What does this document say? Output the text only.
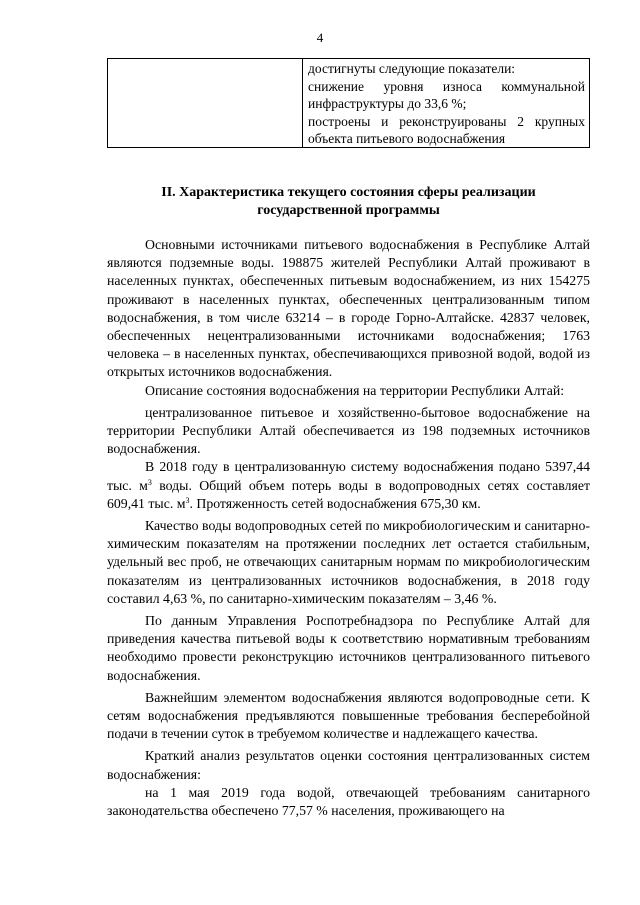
4

достигнуты следующие показатели:

снижение уровня износа коммунальной инфраструктуры до 33,6 %;

построены и реконструированы 2 крупных объекта питьевого водоснабжения

II. Характеристика текущего состояния сферы реализации государственной программы

Основными источниками питьевого водоснабжения в Республике Алтай являются подземные воды. 198875 жителей Республики Алтай проживают в населенных пунктах, обеспеченных питьевым водоснабжением, из них 154275 проживают в населенных пунктах, обеспеченных централизованным типом водоснабжения, в том числе 63214 – в городе Горно-Алтайске. 42837 человек, обеспеченных нецентрализованными источниками водоснабжения; 1763 человека – в населенных пунктах, обеспечивающихся привозной водой, водой из открытых источников водоснабжения.

Описание состояния водоснабжения на территории Республики Алтай:

централизованное питьевое и хозяйственно-бытовое водоснабжение на территории Республики Алтай обеспечивается из 198 подземных источников водоснабжения.

В 2018 году в централизованную систему водоснабжения подано 5397,44 тыс. $м^3$ воды. Общий объем потерь воды в водопроводных сетях составляет 609,41 тыс. $м^3$. Протяженность сетей водоснабжения 675,30 км.

Качество воды водопроводных сетей по микробиологическим и санитарно-химическим показателям на протяжении последних лет остается стабильным, удельный вес проб, не отвечающих санитарным нормам по микробиологическим показателям из централизованных источников водоснабжения, в 2018 году составил 4,63 %, по санитарно-химическим показателям – 3,46 %.

По данным Управления Роспотребнадзора по Республике Алтай для приведения качества питьевой воды к соответствию нормативным требованиям необходимо провести реконструкцию источников централизованного питьевого водоснабжения.

Важнейшим элементом водоснабжения являются водопроводные сети. К сетям водоснабжения предъявляются повышенные требования бесперебойной подачи в течении суток в требуемом количестве и надлежащего качества.

Краткий анализ результатов оценки состояния централизованных систем водоснабжения:

на 1 мая 2019 года водой, отвечающей требованиям санитарного законодательства обеспечено 77,57 % населения, проживающего на
